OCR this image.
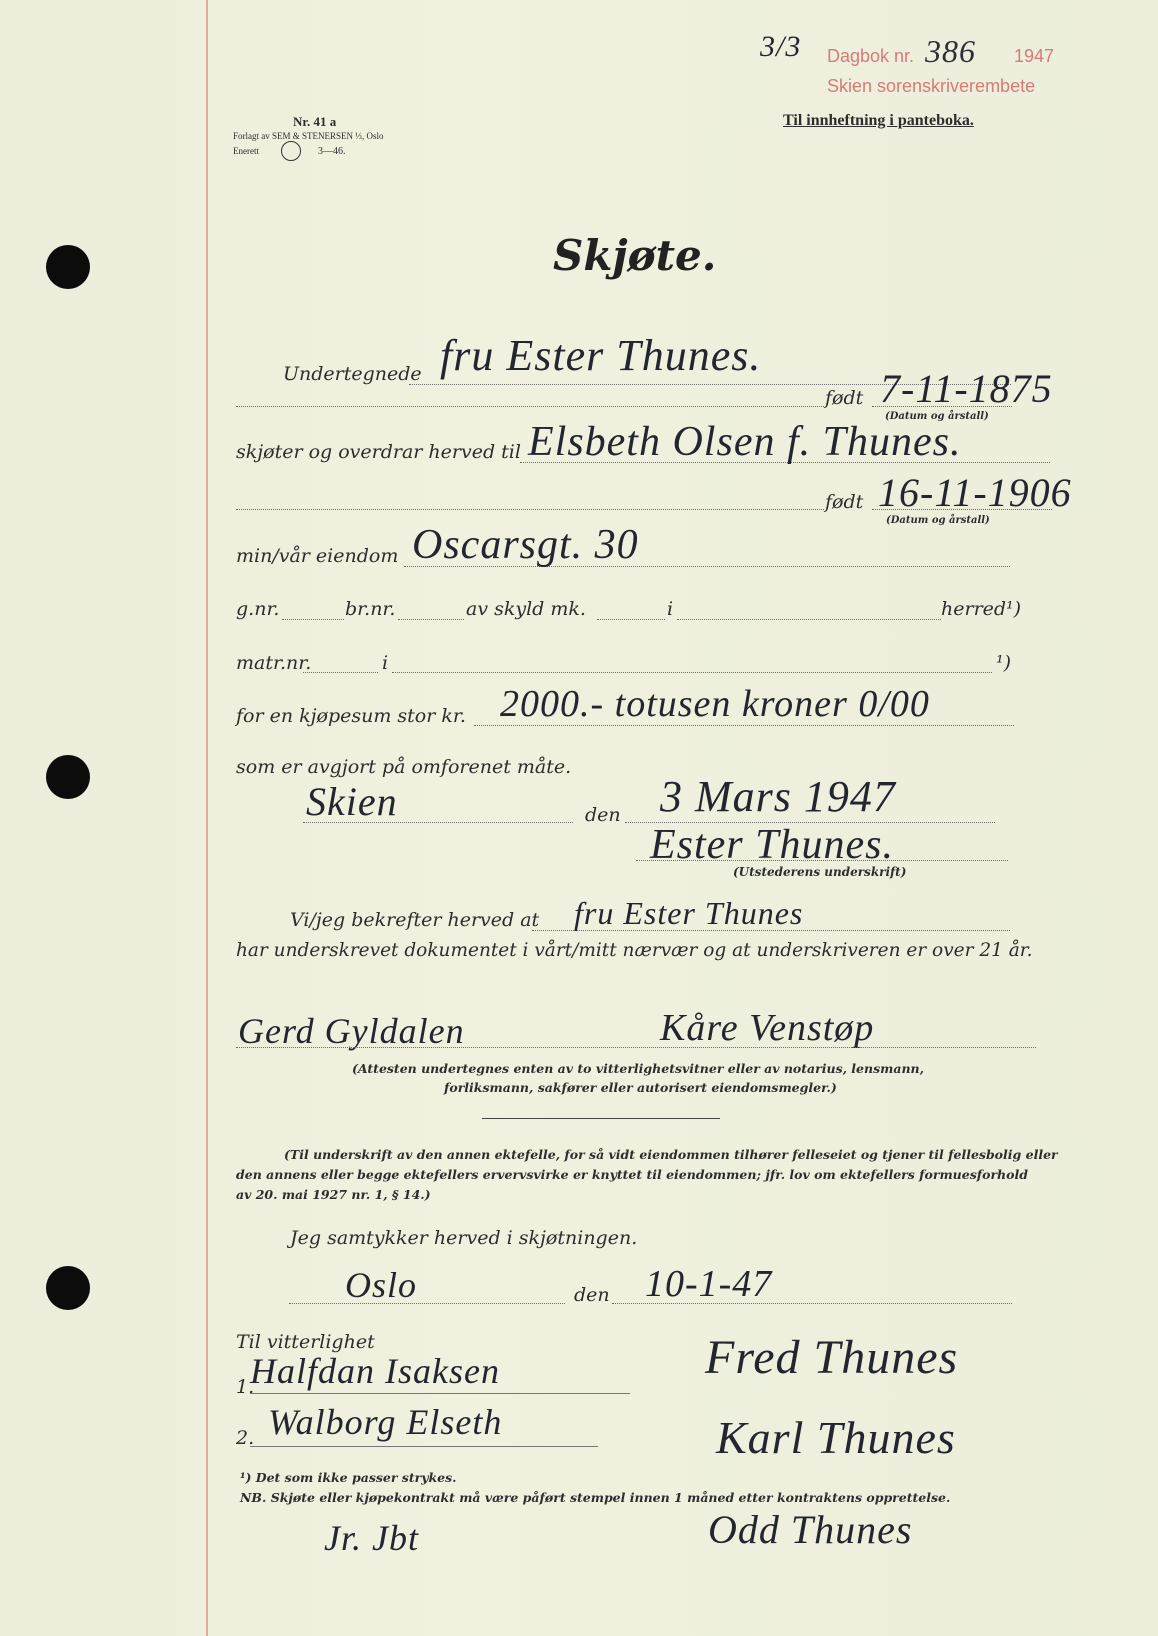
Nr. 41 a
Forlagt av SEM & STENERSEN ⅓, Oslo
Enerett	3—46.
3/3 Dagbok nr. 386 1947
Skien sorenskriverembete
Til innheftning i panteboka.
Skjøte.
Undertegnede fru Ester Thunes.
født 7-11-1875
(Datum og årstall)
skjøter og overdrar herved til Elsbeth Olsen f. Thunes.
født 16-11-1906
(Datum og årstall)
min/vår eiendom Oscarsgt. 30
g.nr.	br.nr.	av skyld mk.	i	herred¹)
matr.nr.	i	¹)
for en kjøpesum stor kr. 2000.- totusen kroner 0/00
som er avgjort på omforenet måte.
Skien	den 3 Mars 1947
Ester Thunes.
(Utstederens underskrift)
Vi/jeg bekrefter herved at fru Ester Thunes
har underskrevet dokumentet i vårt/mitt nærvær og at underskriveren er over 21 år.
Gerd Gyldalen	Kåre Venstøp
(Attesten undertegnes enten av to vitterlighetsvitner eller av notarius, lensmann,
forliksmann, sakfører eller autorisert eiendomsmegler.)
(Til underskrift av den annen ektefelle, for så vidt eiendommen tilhører felleseiet og tjener til fellesbolig eller
den annens eller begge ektefellers ervervsvirke er knyttet til eiendommen; jfr. lov om ektefellers formuesforhold
av 20. mai 1927 nr. 1, § 14.)
Jeg samtykker herved i skjøtningen.
Oslo	den 10-1-47
Til vitterlighet
1.
Halfdan Isaksen
2. Walborg Elseth
Fred Thunes
Karl Thunes
¹) Det som ikke passer strykes.
NB. Skjøte eller kjøpekontrakt må være påført stempel innen 1 måned etter kontraktens opprettelse.
Odd Thunes
Jr. Jbt
